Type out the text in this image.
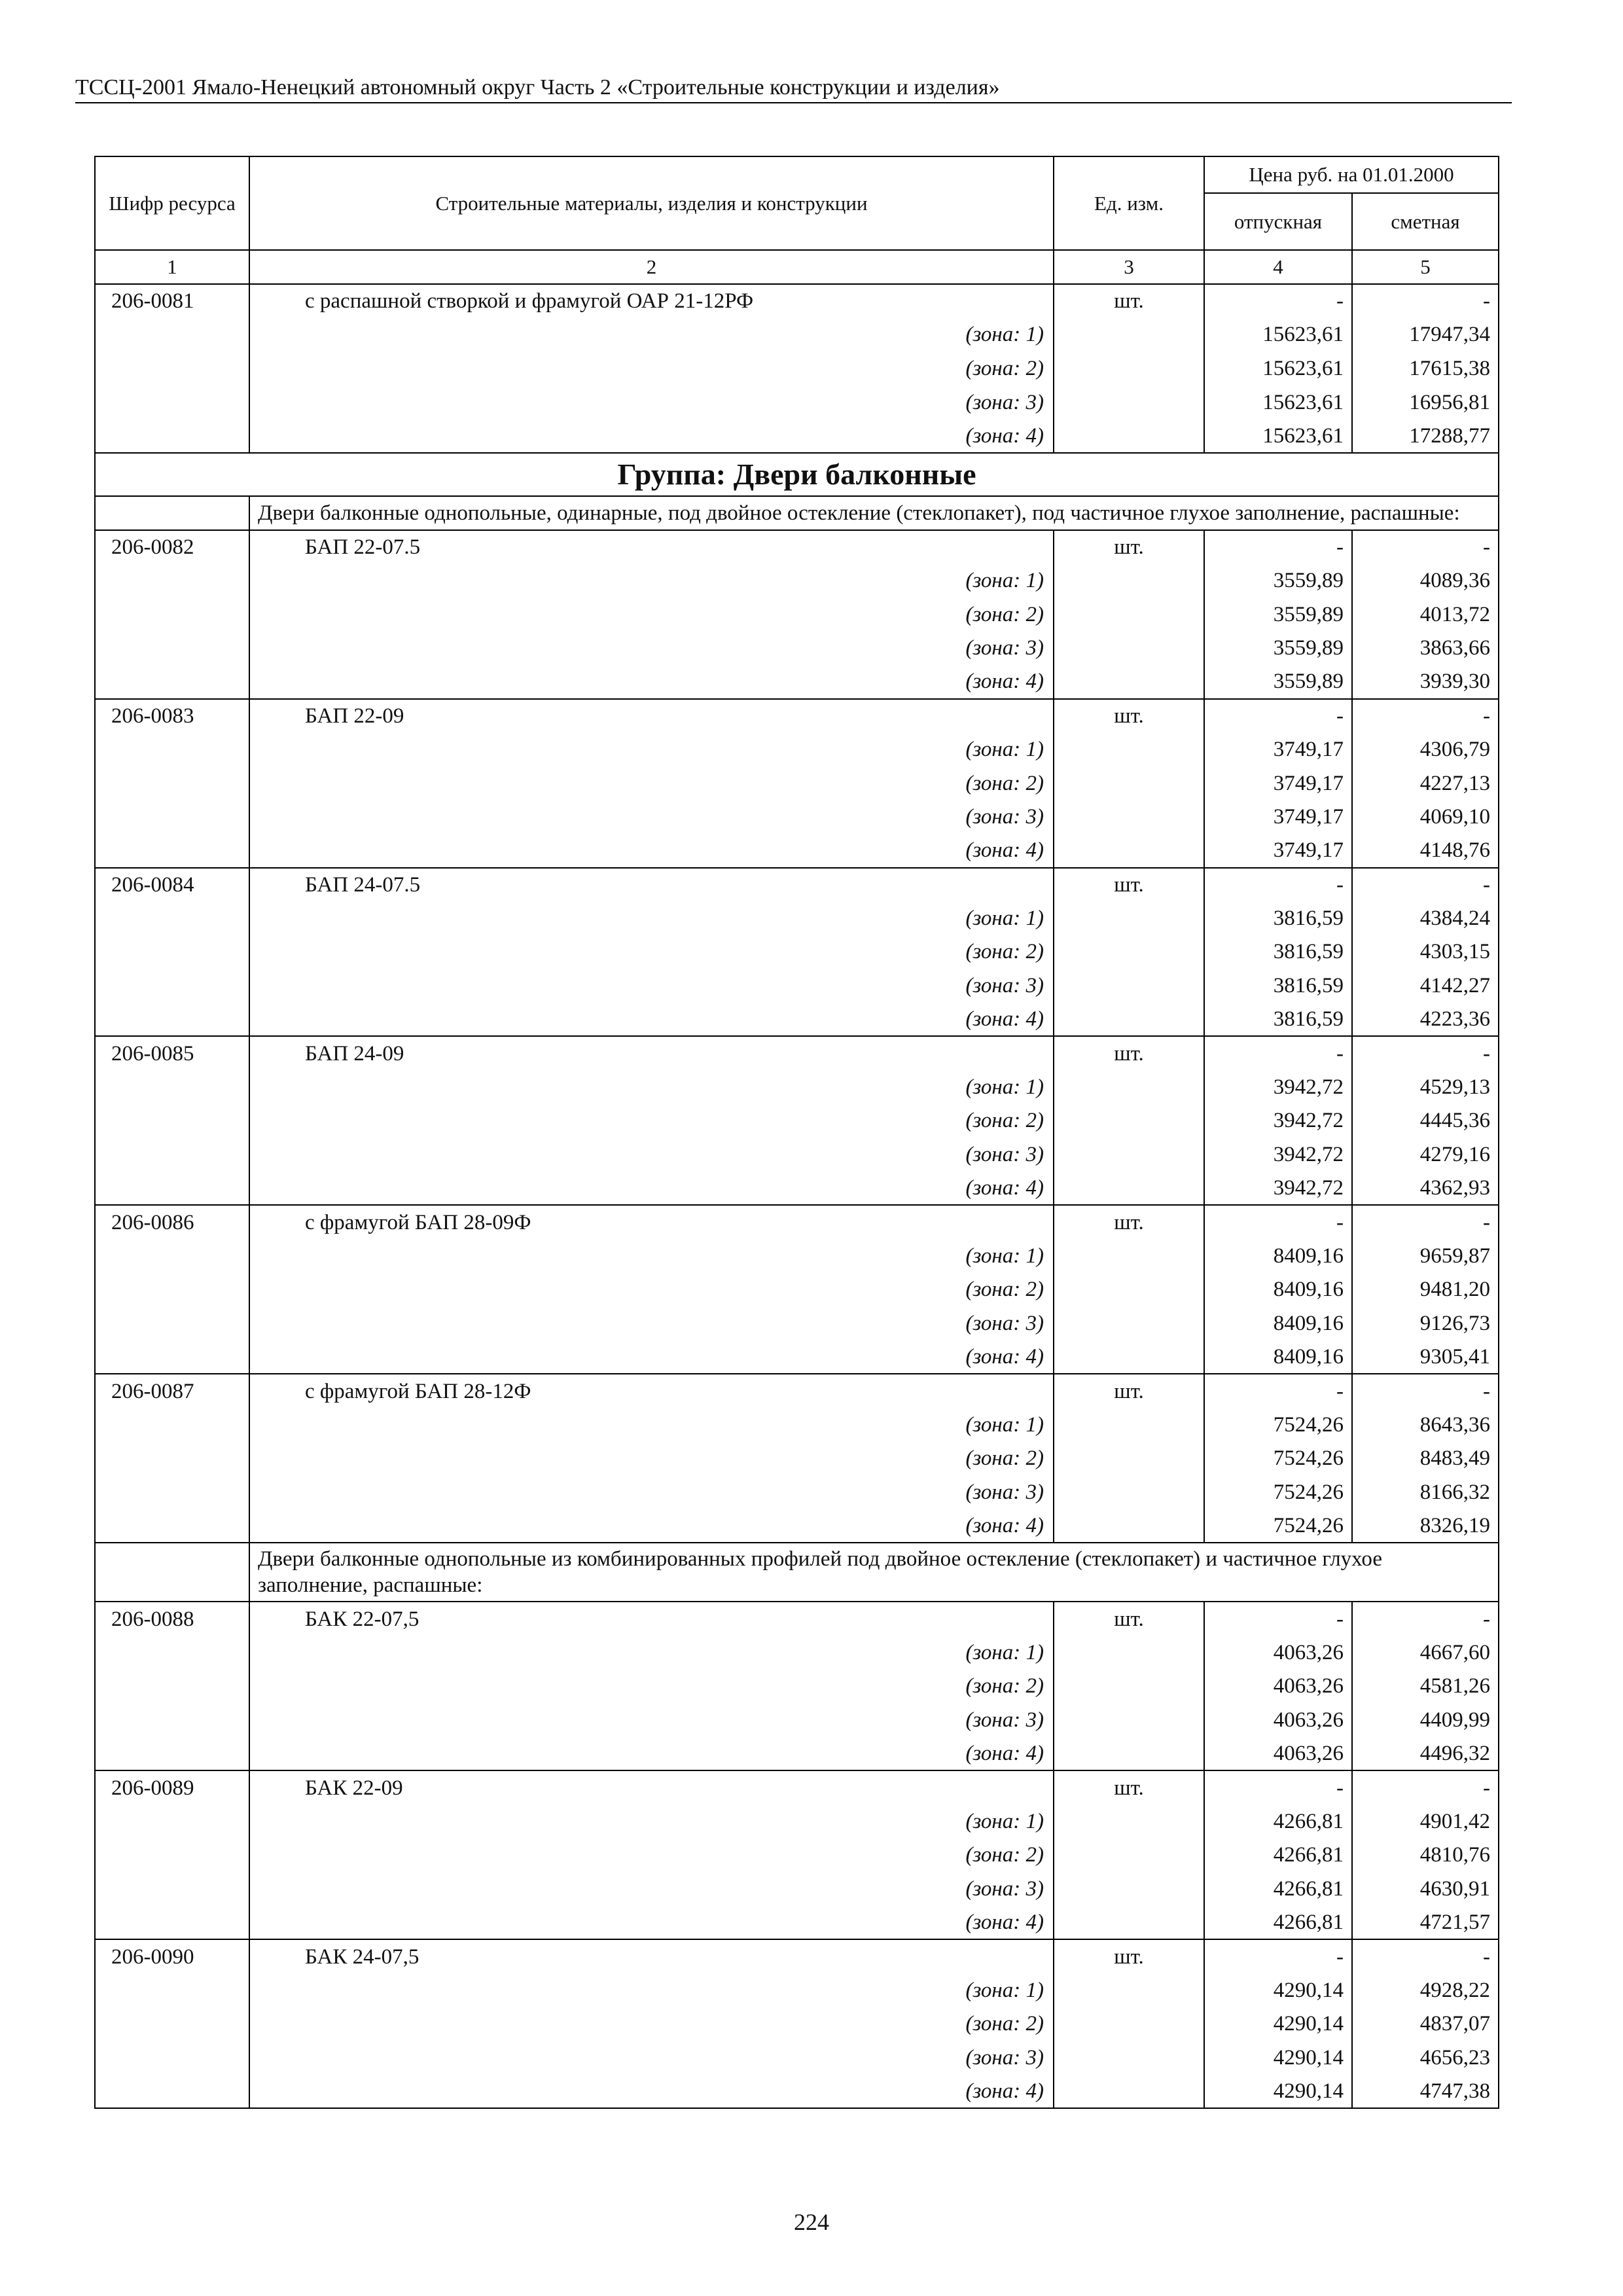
ТССЦ-2001 Ямало-Ненецкий автономный округ Часть 2 «Строительные конструкции и изделия»
Шифр ресурса	Строительные материалы, изделия и конструкции	Ед. изм.	Цена руб. на 01.01.2000	
			отпускная	сметная
1	2	3	4	5
206-0081	с распашной створкой и фрамугой ОАР 21-12РФ	шт.	-	-
	(зона: 1)		15623,61	17947,34
	(зона: 2)		15623,61	17615,38
	(зона: 3)		15623,61	16956,81
	(зона: 4)		15623,61	17288,77
Группа: Двери балконные				
	Двери балконные однопольные, одинарные, под двойное остекление (стеклопакет), под частичное глухое заполнение, распашные:			
206-0082	БАП 22-07.5	шт.	-	-
	(зона: 1)		3559,89	4089,36
	(зона: 2)		3559,89	4013,72
	(зона: 3)		3559,89	3863,66
	(зона: 4)		3559,89	3939,30
206-0083	БАП 22-09	шт.	-	-
	(зона: 1)		3749,17	4306,79
	(зона: 2)		3749,17	4227,13
	(зона: 3)		3749,17	4069,10
	(зона: 4)		3749,17	4148,76
206-0084	БАП 24-07.5	шт.	-	-
	(зона: 1)		3816,59	4384,24
	(зона: 2)		3816,59	4303,15
	(зона: 3)		3816,59	4142,27
	(зона: 4)		3816,59	4223,36
206-0085	БАП 24-09	шт.	-	-
	(зона: 1)		3942,72	4529,13
	(зона: 2)		3942,72	4445,36
	(зона: 3)		3942,72	4279,16
	(зона: 4)		3942,72	4362,93
206-0086	с фрамугой БАП 28-09Ф	шт.	-	-
	(зона: 1)		8409,16	9659,87
	(зона: 2)		8409,16	9481,20
	(зона: 3)		8409,16	9126,73
	(зона: 4)		8409,16	9305,41
206-0087	с фрамугой БАП 28-12Ф	шт.	-	-
	(зона: 1)		7524,26	8643,36
	(зона: 2)		7524,26	8483,49
	(зона: 3)		7524,26	8166,32
	(зона: 4)		7524,26	8326,19
	Двери балконные однопольные из комбинированных профилей под двойное остекление (стеклопакет) и частичное глухое заполнение, распашные:			
206-0088	БАК 22-07,5	шт.	-	-
	(зона: 1)		4063,26	4667,60
	(зона: 2)		4063,26	4581,26
	(зона: 3)		4063,26	4409,99
	(зона: 4)		4063,26	4496,32
206-0089	БАК 22-09	шт.	-	-
	(зона: 1)		4266,81	4901,42
	(зона: 2)		4266,81	4810,76
	(зона: 3)		4266,81	4630,91
	(зона: 4)		4266,81	4721,57
206-0090	БАК 24-07,5	шт.	-	-
	(зона: 1)		4290,14	4928,22
	(зона: 2)		4290,14	4837,07
	(зона: 3)		4290,14	4656,23
	(зона: 4)		4290,14	4747,38
224
